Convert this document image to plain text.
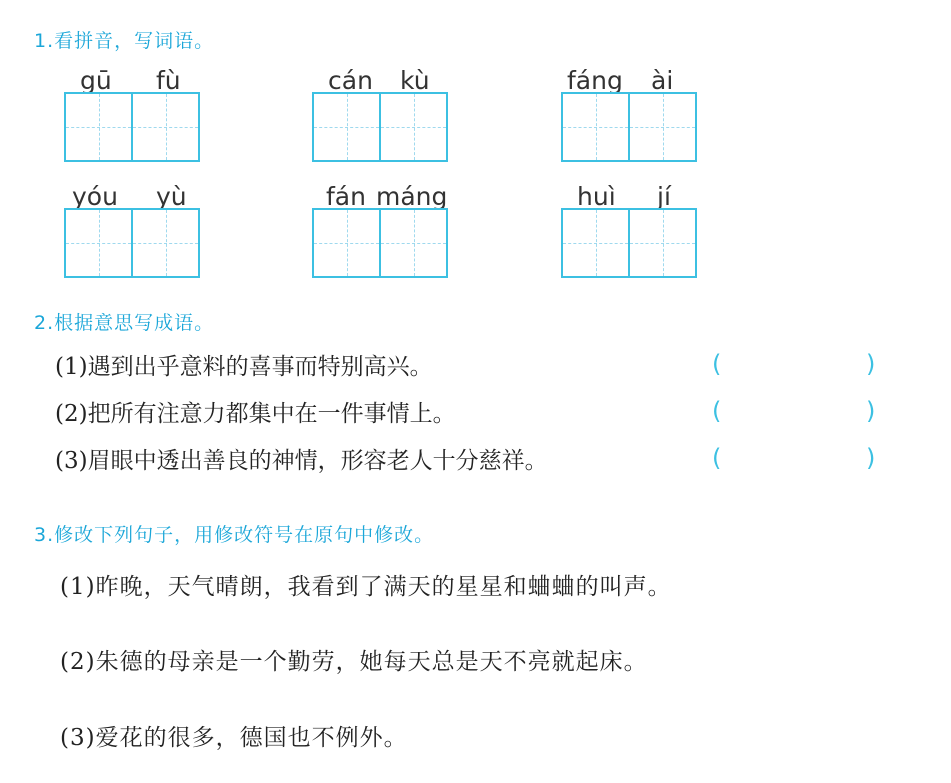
1.看拼音，写词语。
gū fù	cán kù	fáng ài
yóu yù	fán máng	huì jí
2.根据意思写成语。
(1)遇到出乎意料的喜事而特别高兴。	(	)
(2)把所有注意力都集中在一件事情上。	(	)
(3)眉眼中透出善良的神情，形容老人十分慈祥。	(	)
3.修改下列句子，用修改符号在原句中修改。
(1)昨晚，天气晴朗，我看到了满天的星星和蛐蛐的叫声。
(2)朱德的母亲是一个勤劳，她每天总是天不亮就起床。
(3)爱花的很多，德国也不例外。
